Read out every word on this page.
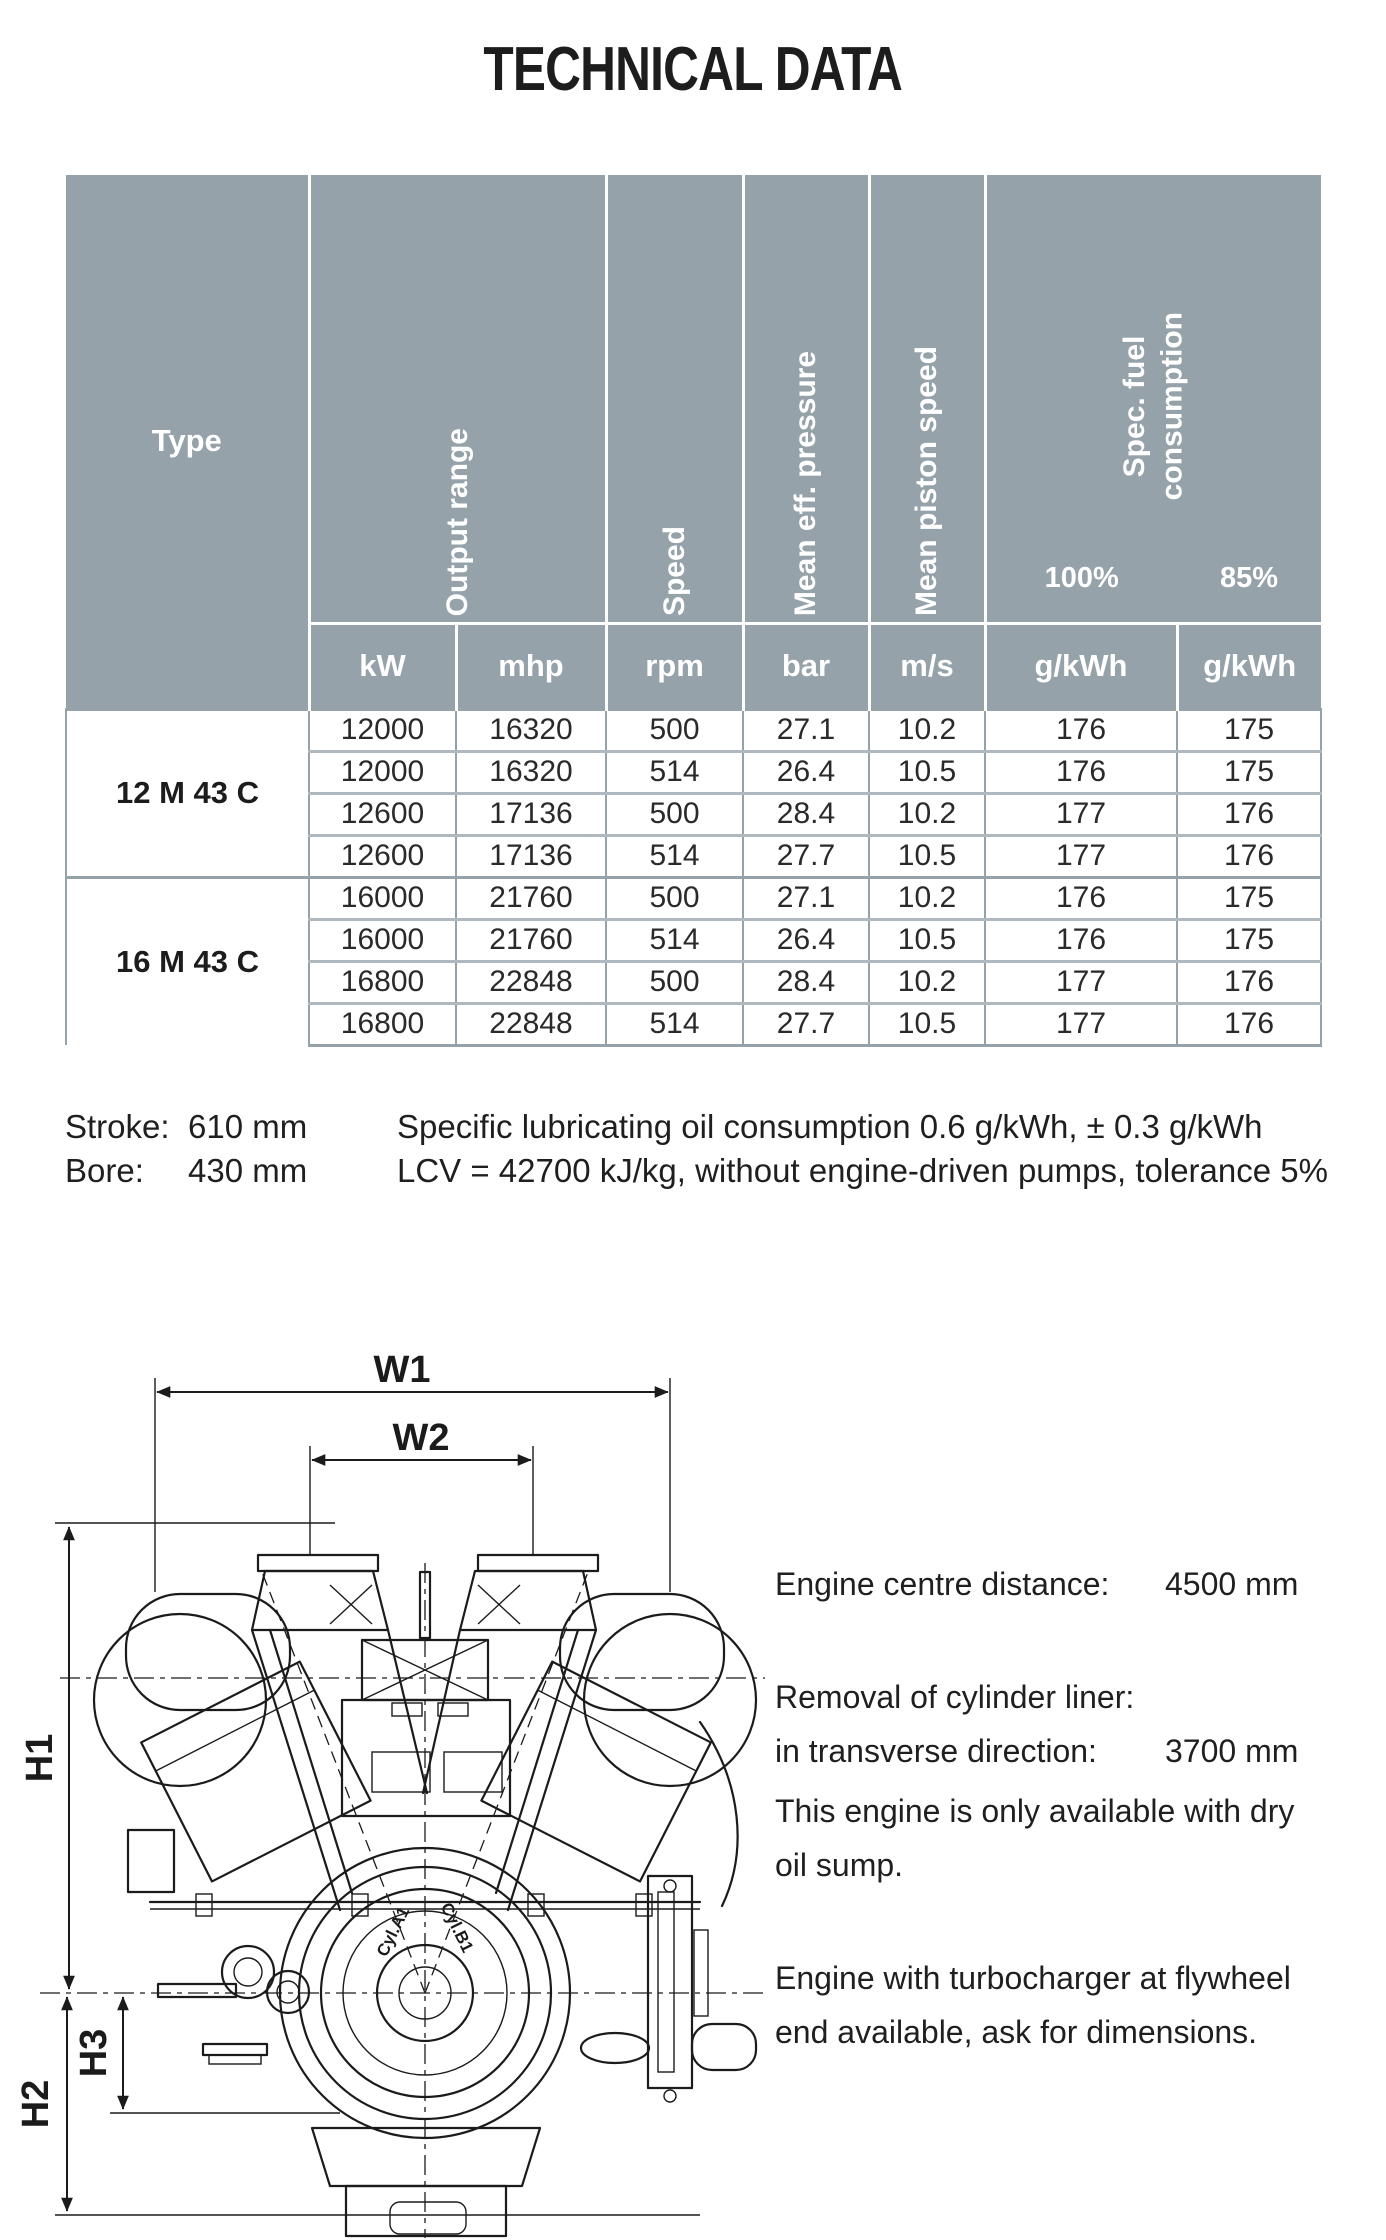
TECHNICAL DATA
Type	Output range		Speed	Mean eff. pressure	Mean piston speed	Spec. fuel consumption	
						100%	85%
	kW	mhp	rpm	bar	m/s	g/kWh	g/kWh
12 M 43 C	12000	16320	500	27.1	10.2	176	175
	12000	16320	514	26.4	10.5	176	175
	12600	17136	500	28.4	10.2	177	176
	12600	17136	514	27.7	10.5	177	176
16 M 43 C	16000	21760	500	27.1	10.2	176	175
	16000	21760	514	26.4	10.5	176	175
	16800	22848	500	28.4	10.2	177	176
	16800	22848	514	27.7	10.5	177	176
Stroke: 610 mm
Bore: 430 mm
Specific lubricating oil consumption 0.6 g/kWh, ± 0.3 g/kWh
LCV = 42700 kJ/kg, without engine-driven pumps, tolerance 5%
W1
W2
H1
H2
H3
Cyl.A1 Cyl.B1
Engine centre distance: 4500 mm
Removal of cylinder liner:
in transverse direction: 3700 mm
This engine is only available with dry
oil sump.
Engine with turbocharger at flywheel
end available, ask for dimensions.
